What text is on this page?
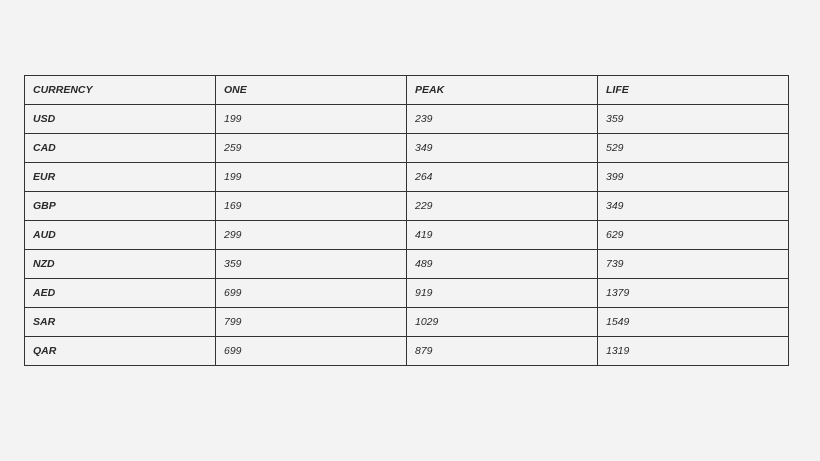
CURRENCY	ONE	PEAK	LIFE
USD	199	239	359
CAD	259	349	529
EUR	199	264	399
GBP	169	229	349
AUD	299	419	629
NZD	359	489	739
AED	699	919	1379
SAR	799	1029	1549
QAR	699	879	1319
